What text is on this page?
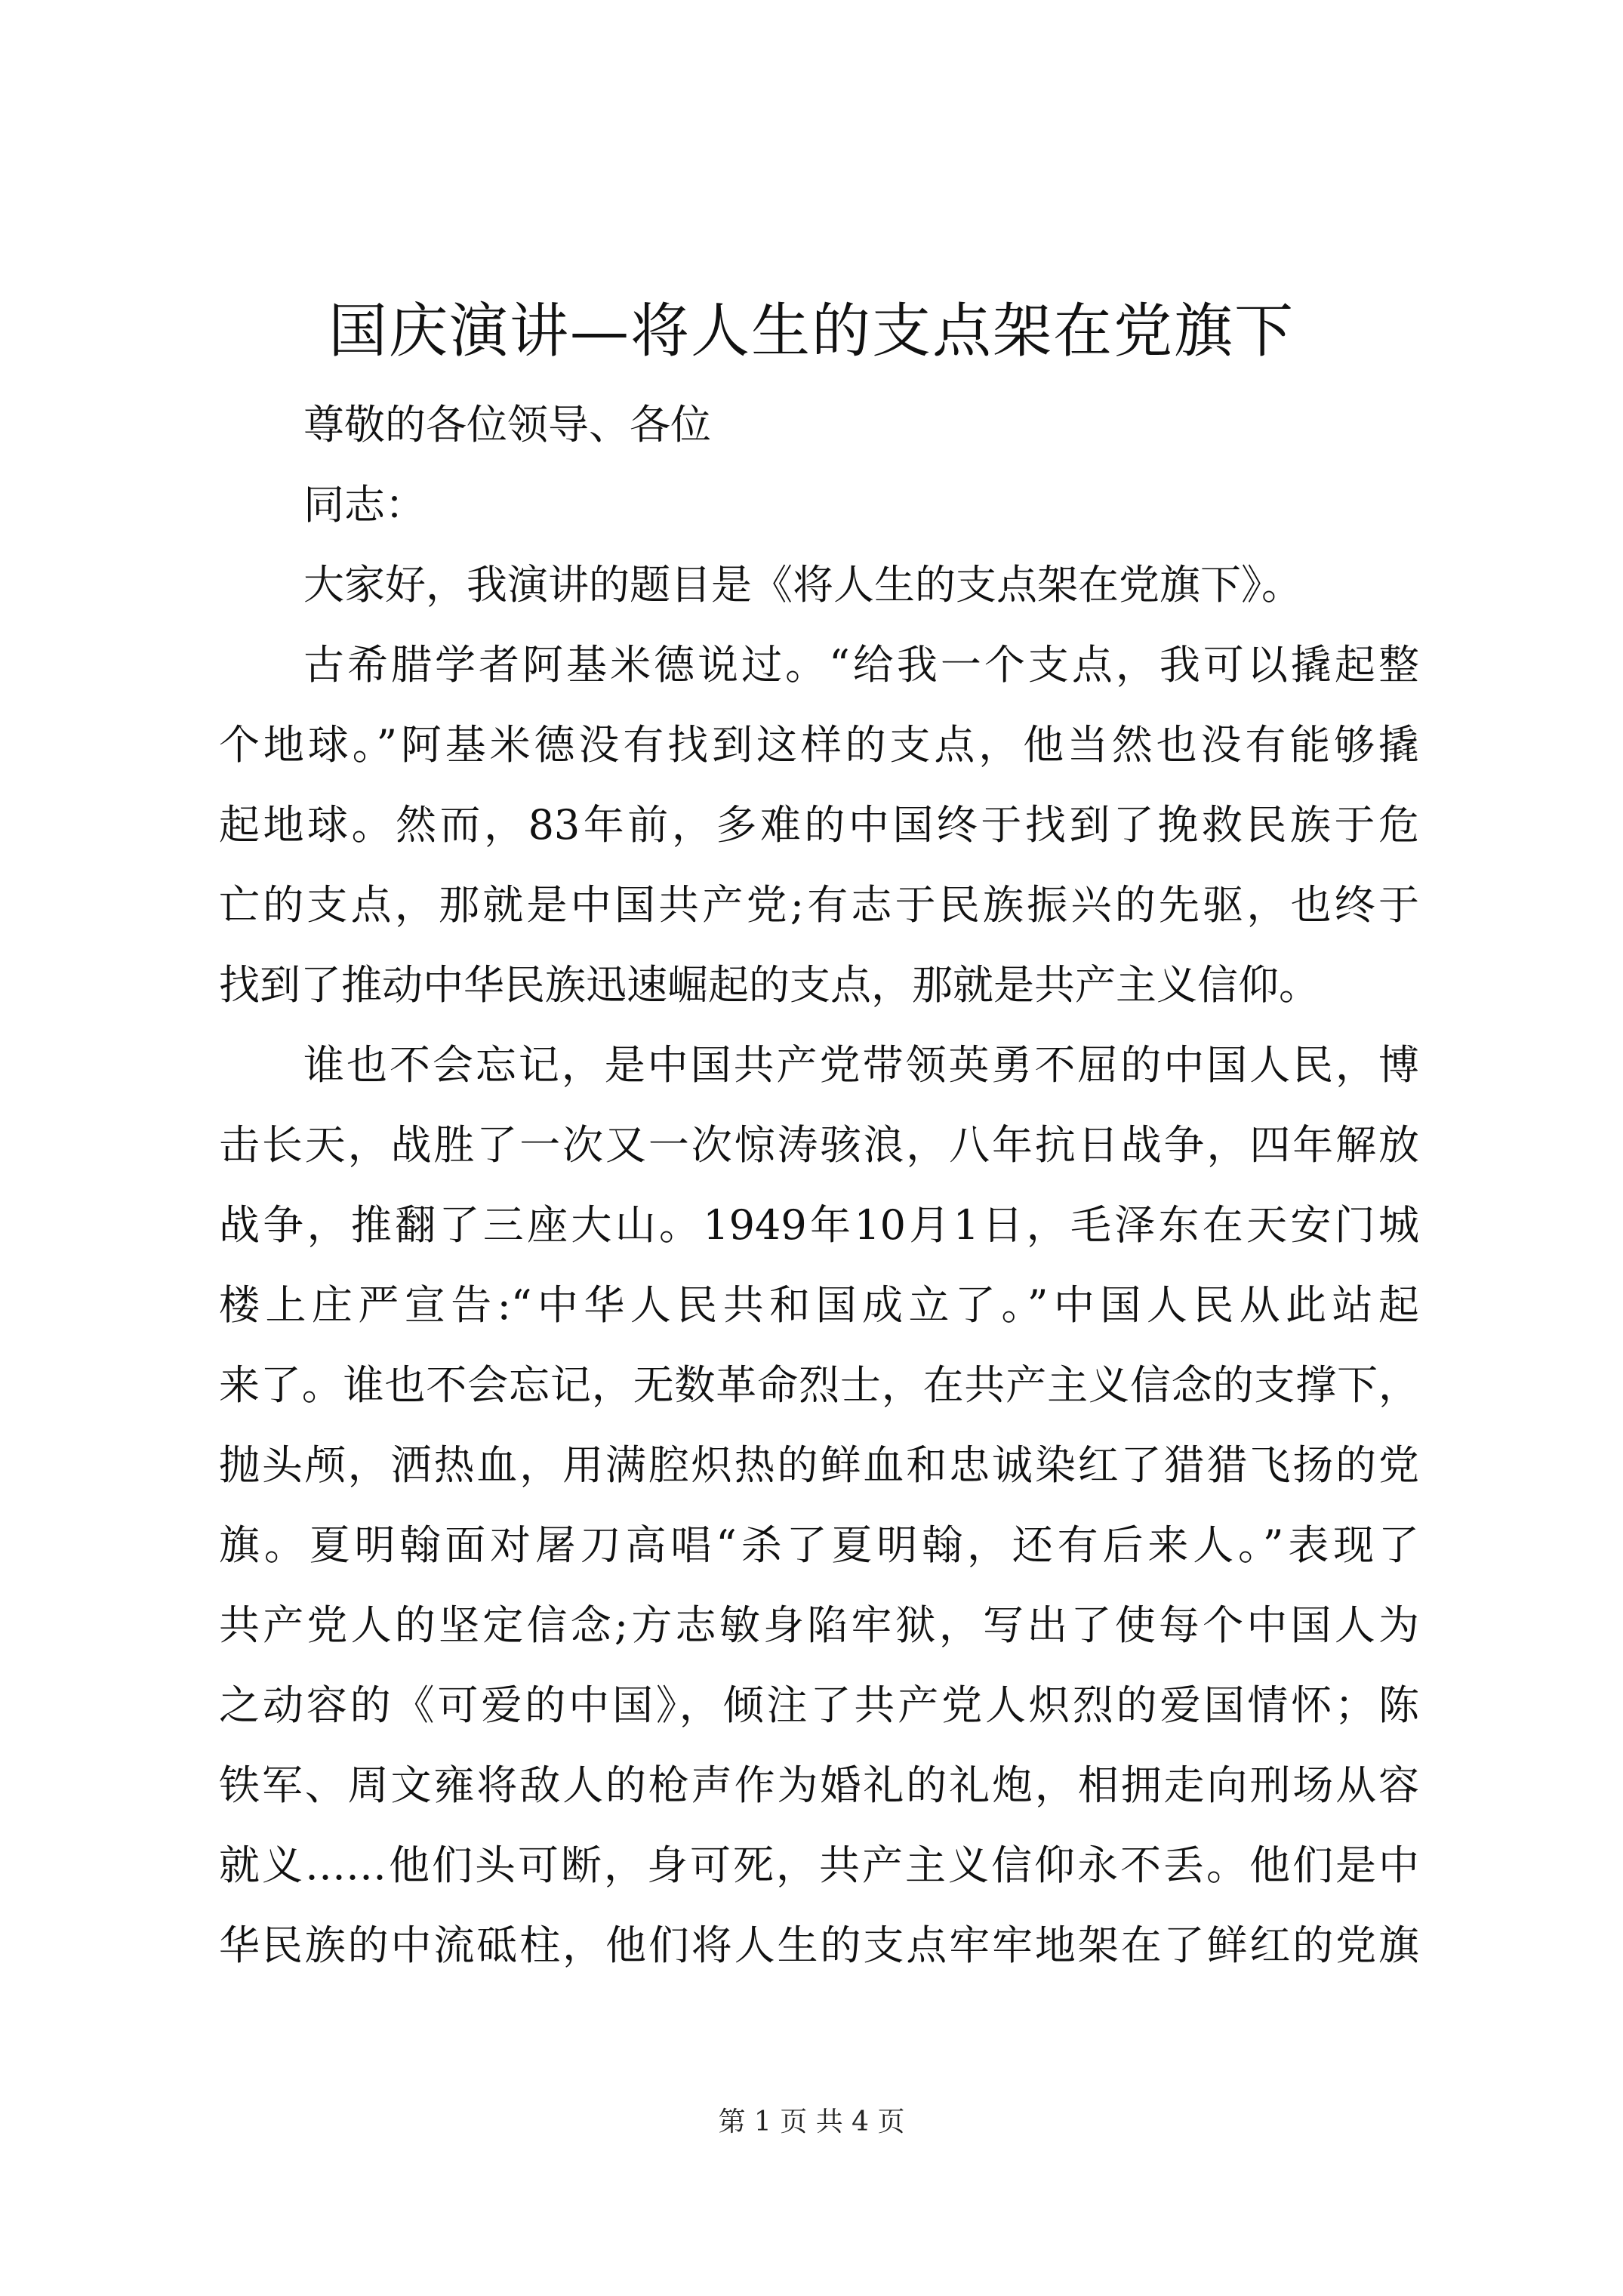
国庆演讲—将人生的支点架在党旗下
尊敬的各位领导、各位
同志：
大家好，我演讲的题目是《将人生的支点架在党旗下》。
古希腊学者阿基米德说过。“给我一个支点，我可以撬起整
个地球。”阿基米德没有找到这样的支点，他当然也没有能够撬
起地球。然而，83年前，多难的中国终于找到了挽救民族于危
亡的支点，那就是中国共产党;有志于民族振兴的先驱，也终于
找到了推动中华民族迅速崛起的支点，那就是共产主义信仰。
谁也不会忘记，是中国共产党带领英勇不屈的中国人民，博
击长天，战胜了一次又一次惊涛骇浪，八年抗日战争，四年解放
战争，推翻了三座大山。1949年10月1日，毛泽东在天安门城
楼上庄严宣告:“中华人民共和国成立了。”中国人民从此站起
来了。谁也不会忘记，无数革命烈士，在共产主义信念的支撑下，
抛头颅，洒热血，用满腔炽热的鲜血和忠诚染红了猎猎飞扬的党
旗。夏明翰面对屠刀高唱“杀了夏明翰，还有后来人。”表现了
共产党人的坚定信念;方志敏身陷牢狱，写出了使每个中国人为
之动容的《可爱的中国》，倾注了共产党人炽烈的爱国情怀；陈
铁军、周文雍将敌人的枪声作为婚礼的礼炮，相拥走向刑场从容
就义……他们头可断，身可死，共产主义信仰永不丢。他们是中
华民族的中流砥柱，他们将人生的支点牢牢地架在了鲜红的党旗
第 1 页 共 4 页
